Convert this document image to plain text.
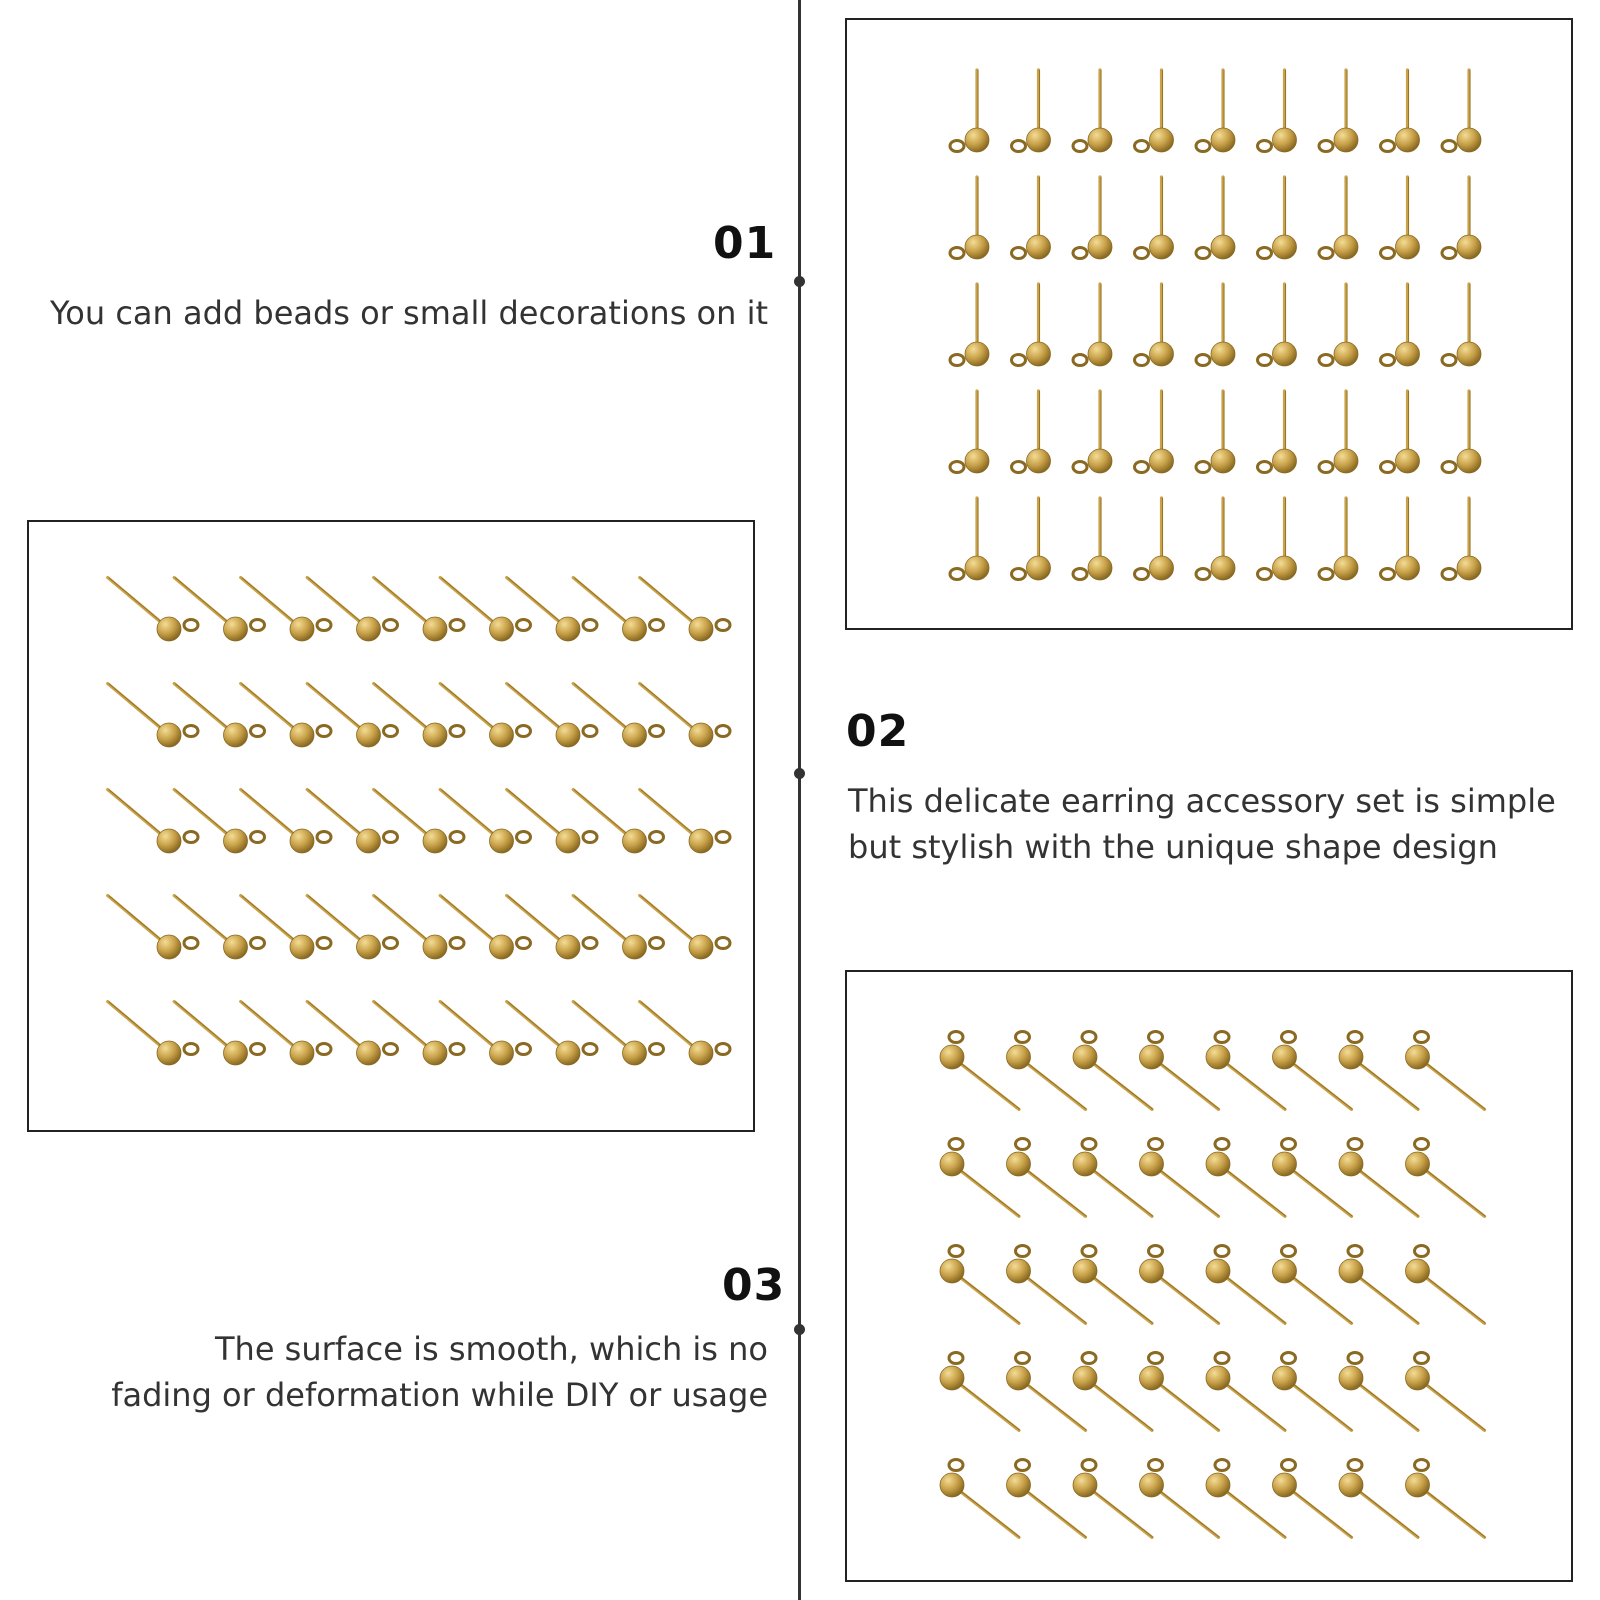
01
You can add beads or small decorations on it
02
This delicate earring accessory set is simple
but stylish with the unique shape design
03
The surface is smooth, which is no
fading or deformation while DIY or usage
